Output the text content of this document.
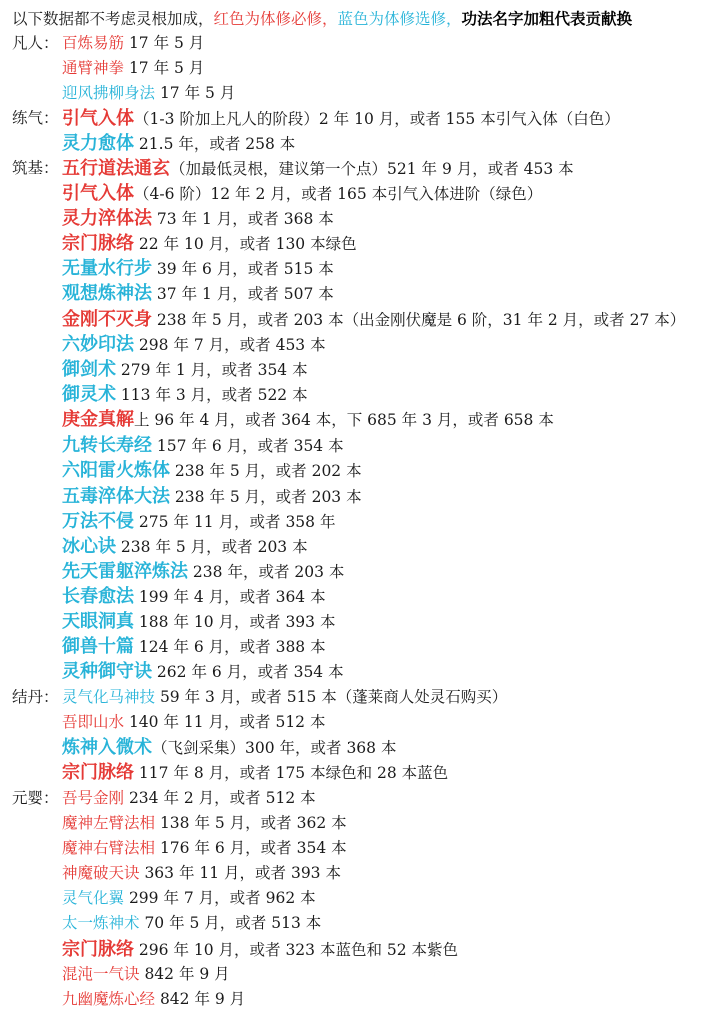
以下数据都不考虑灵根加成，红色为体修必修，蓝色为体修选修，功法名字加粗代表贡献换
凡人： 百炼易筋 17 年 5 月
通臂神拳 17 年 5 月
迎风拂柳身法 17 年 5 月
练气： 引气入体（1-3 阶加上凡人的阶段）2 年 10 月，或者 155 本引气入体（白色）
灵力愈体 21.5 年，或者 258 本
筑基： 五行道法通玄（加最低灵根，建议第一个点）521 年 9 月，或者 453 本
引气入体（4-6 阶）12 年 2 月，或者 165 本引气入体进阶（绿色）
灵力淬体法 73 年 1 月，或者 368 本
宗门脉络 22 年 10 月，或者 130 本绿色
无量水行步 39 年 6 月，或者 515 本
观想炼神法 37 年 1 月，或者 507 本
金刚不灭身 238 年 5 月，或者 203 本（出金刚伏魔是 6 阶，31 年 2 月，或者 27 本）
六妙印法 298 年 7 月，或者 453 本
御剑术 279 年 1 月，或者 354 本
御灵术 113 年 3 月，或者 522 本
庚金真解上 96 年 4 月，或者 364 本，下 685 年 3 月，或者 658 本
九转长寿经 157 年 6 月，或者 354 本
六阳雷火炼体 238 年 5 月，或者 202 本
五毒淬体大法 238 年 5 月，或者 203 本
万法不侵 275 年 11 月，或者 358 年
冰心诀 238 年 5 月，或者 203 本
先天雷躯淬炼法 238 年，或者 203 本
长春愈法 199 年 4 月，或者 364 本
天眼洞真 188 年 10 月，或者 393 本
御兽十篇 124 年 6 月，或者 388 本
灵种御守诀 262 年 6 月，或者 354 本
结丹： 灵气化马神技 59 年 3 月，或者 515 本（蓬莱商人处灵石购买）
吾即山水 140 年 11 月，或者 512 本
炼神入微术（飞剑采集）300 年，或者 368 本
宗门脉络 117 年 8 月，或者 175 本绿色和 28 本蓝色
元婴： 吾号金刚 234 年 2 月，或者 512 本
魔神左臂法相 138 年 5 月，或者 362 本
魔神右臂法相 176 年 6 月，或者 354 本
神魔破天诀 363 年 11 月，或者 393 本
灵气化翼 299 年 7 月，或者 962 本
太一炼神术 70 年 5 月，或者 513 本
宗门脉络 296 年 10 月，或者 323 本蓝色和 52 本紫色
混沌一气诀 842 年 9 月
九幽魔炼心经 842 年 9 月
